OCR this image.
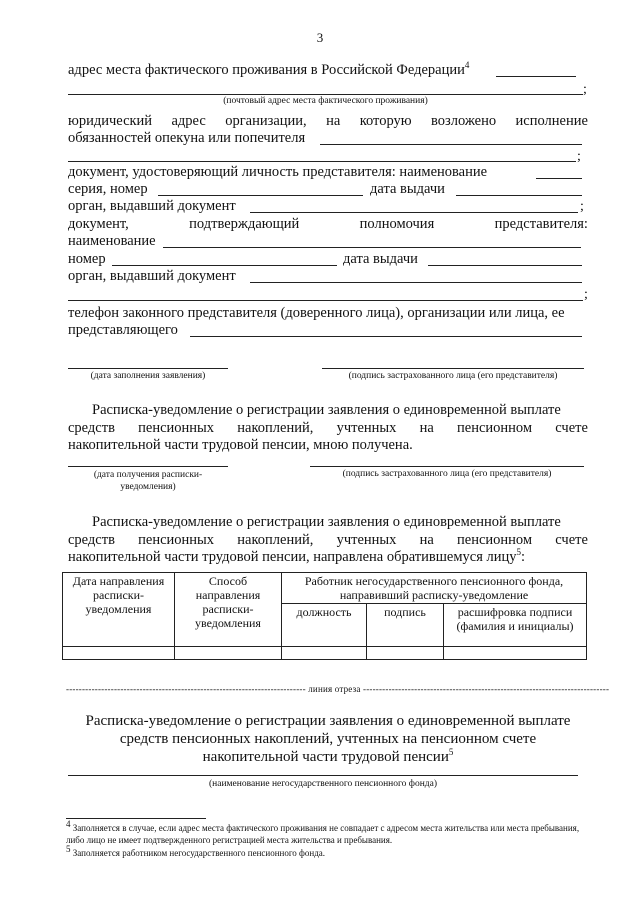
3
адрес места фактического проживания в Российской Федерации$^4$
;
(почтовый адрес места фактического проживания)
юридический адрес организации, на которую возложено исполнение
обязанностей опекуна или попечителя
;
документ, удостоверяющий личность представителя: наименование
серия, номер	дата выдачи
орган, выдавший документ	;
документ,	подтверждающий	полномочия	представителя:
наименование
номер	дата выдачи
орган, выдавший документ
;
телефон законного представителя (доверенного лица), организации или лица, ее
представляющего
(дата заполнения заявления)	(подпись застрахованного лица (его представителя)
Расписка-уведомление о регистрации заявления о единовременной выплате
средств пенсионных накоплений, учтенных на пенсионном счете
накопительной части трудовой пенсии, мною получена.
(дата получения расписки-
уведомления)
(подпись застрахованного лица (его представителя)
Расписка-уведомление о регистрации заявления о единовременной выплате
средств пенсионных накоплений, учтенных на пенсионном счете
накопительной части трудовой пенсии, направлена обратившемуся лицу$^5$:
Дата направления расписки-уведомления	Способ направления расписки-уведомления	Работник негосударственного пенсионного фонда, направивший расписку-уведомление		
		должность	подпись	расшифровка подписи (фамилия и инициалы)

--------------------------------------------------------------------------- линия отреза -----------------------------------------------------------------------------
Расписка-уведомление о регистрации заявления о единовременной выплате
средств пенсионных накоплений, учтенных на пенсионном счете
накопительной части трудовой пенсии$^5$
(наименование негосударственного пенсионного фонда)
$^4$ Заполняется в случае, если адрес места фактического проживания не совпадает с адресом места жительства или места пребывания, либо лицо не имеет подтвержденного регистрацией места жительства и пребывания.
$^5$ Заполняется работником негосударственного пенсионного фонда.
